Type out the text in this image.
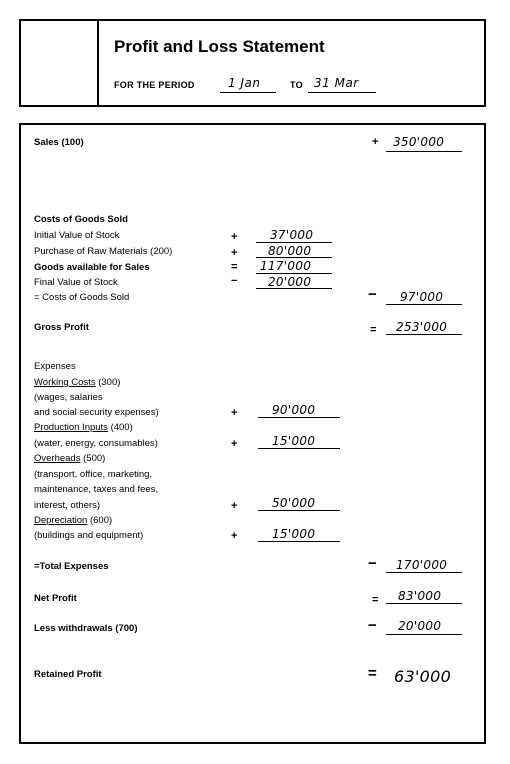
Profit and Loss Statement
FOR THE PERIOD	1 Jan	TO 31 Mar
Sales (100)	+ 350'000
Costs of Goods Sold
Initial Value of Stock	+	37'000
Purchase of Raw Materials (200)	+	80'000
Goods available for Sales	= 117'000
Final Value of Stock	−	20'000
= Costs of Goods Sold	− 97'000
Gross Profit	= 253'000
Expenses
Working Costs (300)
(wages, salaries
and social security expenses)	+	90'000
Production Inputs (400)
(water, energy, consumables)	+	15'000
Overheads (500)
(transport, office, marketing,
maintenance, taxes and fees,
interest, others)	+	50'000
Depreciation (600)
(buildings and equipment)	+	15'000
=Total Expenses	− 170'000
Net Profit	= 83'000
Less withdrawals (700)	− 20'000
Retained Profit	= 63'000
